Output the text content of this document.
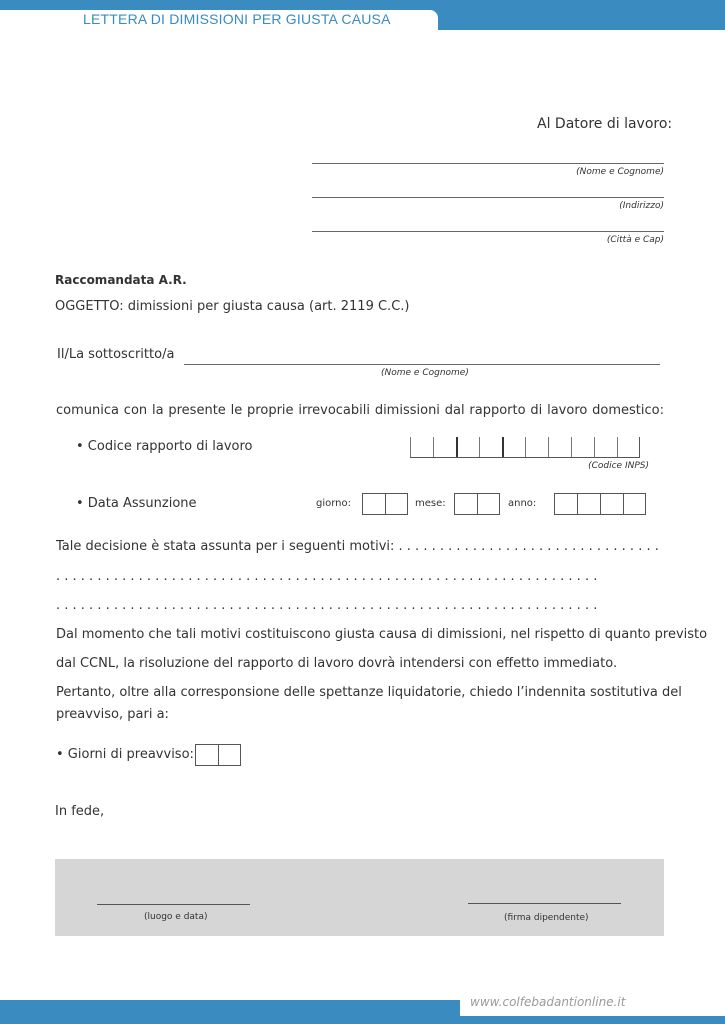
LETTERA DI DIMISSIONI PER GIUSTA CAUSA
Al Datore di lavoro:
(Nome e Cognome)
(Indirizzo)
(Città e Cap)
Raccomandata A.R.
OGGETTO: dimissioni per giusta causa (art. 2119 C.C.)
Il/La sottoscritto/a
(Nome e Cognome)
comunica con la presente le proprie irrevocabili dimissioni dal rapporto di lavoro domestico:
• Codice rapporto di lavoro
(Codice INPS)
• Data Assunzione	giorno:	mese:	anno:
Tale decisione è stata assunta per i seguenti motivi: . . . . . . . . . . . . . . . . . . . . . . . . . . . . . . . .
. . . . . . . . . . . . . . . . . . . . . . . . . . . . . . . . . . . . . . . . . . . . . . . . . . . . . . . . . . . . . . . . . .
. . . . . . . . . . . . . . . . . . . . . . . . . . . . . . . . . . . . . . . . . . . . . . . . . . . . . . . . . . . . . . . . . .
Dal momento che tali motivi costituiscono giusta causa di dimissioni, nel rispetto di quanto previsto
dal CCNL, la risoluzione del rapporto di lavoro dovrà intendersi con effetto immediato.
Pertanto, oltre alla corresponsione delle spettanze liquidatorie, chiedo l’indennita sostitutiva del
preavviso, pari a:
• Giorni di preavviso:
In fede,
(luogo e data)	(firma dipendente)
www.colfebadantionline.it
